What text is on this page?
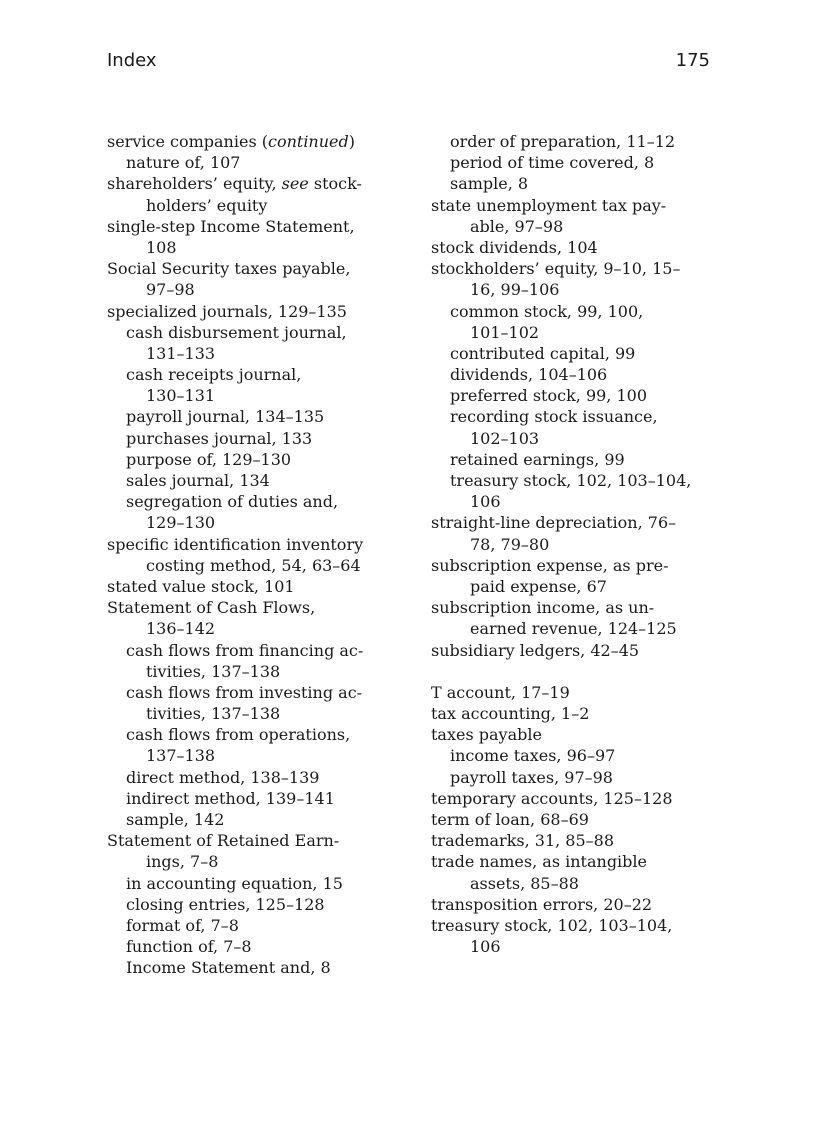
Index	175
service companies (continued)
nature of, 107
shareholders’ equity, see stock-
holders’ equity
single-step Income Statement,
108
Social Security taxes payable,
97–98
specialized journals, 129–135
cash disbursement journal,
131–133
cash receipts journal,
130–131
payroll journal, 134–135
purchases journal, 133
purpose of, 129–130
sales journal, 134
segregation of duties and,
129–130
specific identification inventory
costing method, 54, 63–64
stated value stock, 101
Statement of Cash Flows,
136–142
cash flows from financing ac-
tivities, 137–138
cash flows from investing ac-
tivities, 137–138
cash flows from operations,
137–138
direct method, 138–139
indirect method, 139–141
sample, 142
Statement of Retained Earn-
ings, 7–8
in accounting equation, 15
closing entries, 125–128
format of, 7–8
function of, 7–8
Income Statement and, 8
order of preparation, 11–12
period of time covered, 8
sample, 8
state unemployment tax pay-
able, 97–98
stock dividends, 104
stockholders’ equity, 9–10, 15–
16, 99–106
common stock, 99, 100,
101–102
contributed capital, 99
dividends, 104–106
preferred stock, 99, 100
recording stock issuance,
102–103
retained earnings, 99
treasury stock, 102, 103–104,
106
straight-line depreciation, 76–
78, 79–80
subscription expense, as pre-
paid expense, 67
subscription income, as un-
earned revenue, 124–125
subsidiary ledgers, 42–45
T account, 17–19
tax accounting, 1–2
taxes payable
income taxes, 96–97
payroll taxes, 97–98
temporary accounts, 125–128
term of loan, 68–69
trademarks, 31, 85–88
trade names, as intangible
assets, 85–88
transposition errors, 20–22
treasury stock, 102, 103–104,
106
